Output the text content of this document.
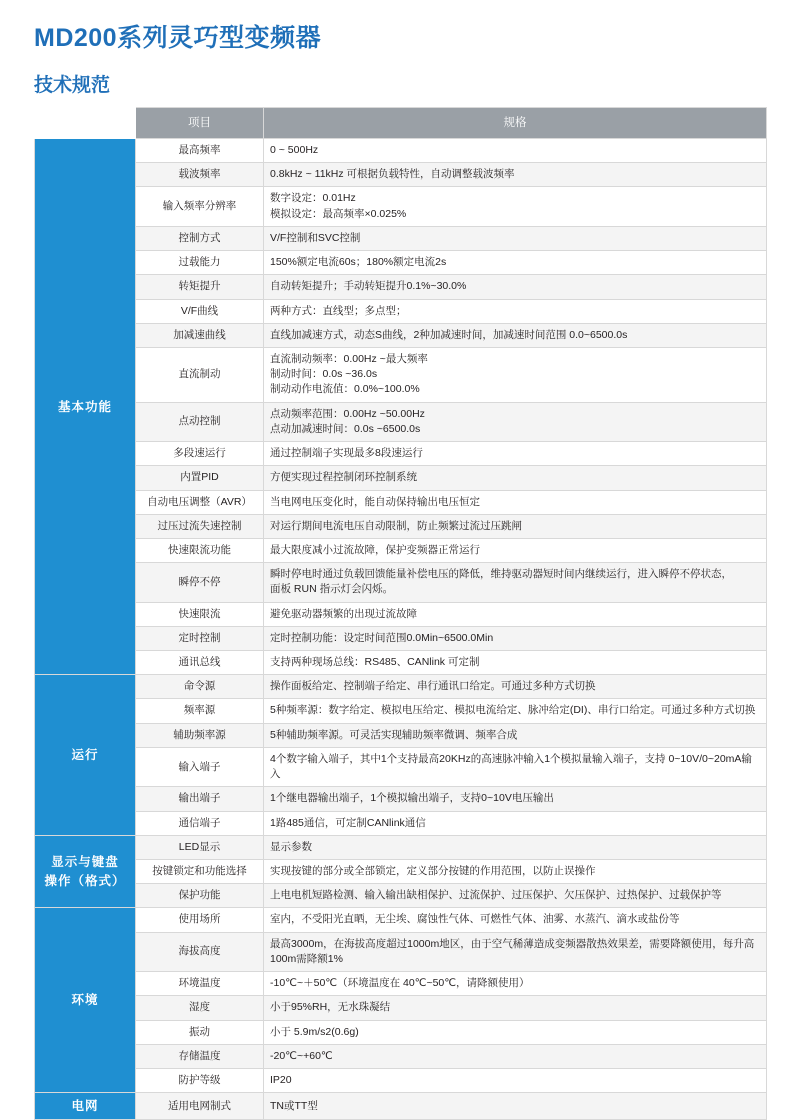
MD200系列灵巧型变频器
技术规范
	项目	规格

基本功能	最高频率	0 ~ 500Hz

	载波频率	0.8kHz ~ 11kHz 可根据负载特性，自动调整载波频率

	输入频率分辨率	数字设定：0.01Hz
模拟设定：最高频率×0.025%

	控制方式	V/F控制和SVC控制

	过载能力	150%额定电流60s；180%额定电流2s

	转矩提升	自动转矩提升；手动转矩提升0.1%~30.0%

	V/F曲线	两种方式：直线型；多点型；

	加减速曲线	直线加减速方式，动态S曲线，2种加减速时间，加减速时间范围 0.0~6500.0s

	直流制动	直流制动频率：0.00Hz ~最大频率
制动时间：0.0s ~36.0s
制动动作电流值：0.0%~100.0%

	点动控制	点动频率范围：0.00Hz ~50.00Hz
点动加减速时间：0.0s ~6500.0s

	多段速运行	通过控制端子实现最多8段速运行

	内置PID	方便实现过程控制闭环控制系统

	自动电压调整（AVR）	当电网电压变化时，能自动保持输出电压恒定

	过压过流失速控制	对运行期间电流电压自动限制，防止频繁过流过压跳闸

	快速限流功能	最大限度减小过流故障，保护变频器正常运行

	瞬停不停	瞬时停电时通过负载回馈能量补偿电压的降低，维持驱动器短时间内继续运行，进入瞬停不停状态，
面板 RUN 指示灯会闪烁。

	快速限流	避免驱动器频繁的出现过流故障

	定时控制	定时控制功能：设定时间范围0.0Min~6500.0Min

	通讯总线	支持两种现场总线：RS485、CANlink 可定制

运行	命令源	操作面板给定、控制端子给定、串行通讯口给定。可通过多种方式切换

	频率源	5种频率源：数字给定、模拟电压给定、模拟电流给定、脉冲给定(DI)、串行口给定。可通过多种方式切换

	辅助频率源	5种辅助频率源。可灵活实现辅助频率微调、频率合成

	输入端子	4个数字输入端子，其中1个支持最高20KHz的高速脉冲输入1个模拟量输入端子，支持 0~10V/0~20mA输入

	输出端子	1个继电器输出端子，1个模拟输出端子，支持0~10V电压输出

	通信端子	1路485通信，可定制CANlink通信

显示与键盘
操作（格式）	LED显示	显示参数

	按键锁定和功能选择	实现按键的部分或全部锁定，定义部分按键的作用范围，以防止误操作

	保护功能	上电电机短路检测、输入输出缺相保护、过流保护、过压保护、欠压保护、过热保护、过载保护等

环境	使用场所	室内，不受阳光直晒，无尘埃、腐蚀性气体、可燃性气体、油雾、水蒸汽、滴水或盐份等

	海拔高度	最高3000m，在海拔高度超过1000m地区，由于空气稀薄造成变频器散热效果差，需要降额使用，每升高
100m需降额1%

	环境温度	-10℃~＋50℃（环境温度在 40℃~50℃，请降额使用）

	湿度	小于95%RH，无水珠凝结

	振动	小于 5.9m/s2(0.6g)

	存储温度	-20℃~+60℃

	防护等级	IP20

电网	适用电网制式	TN或TT型
